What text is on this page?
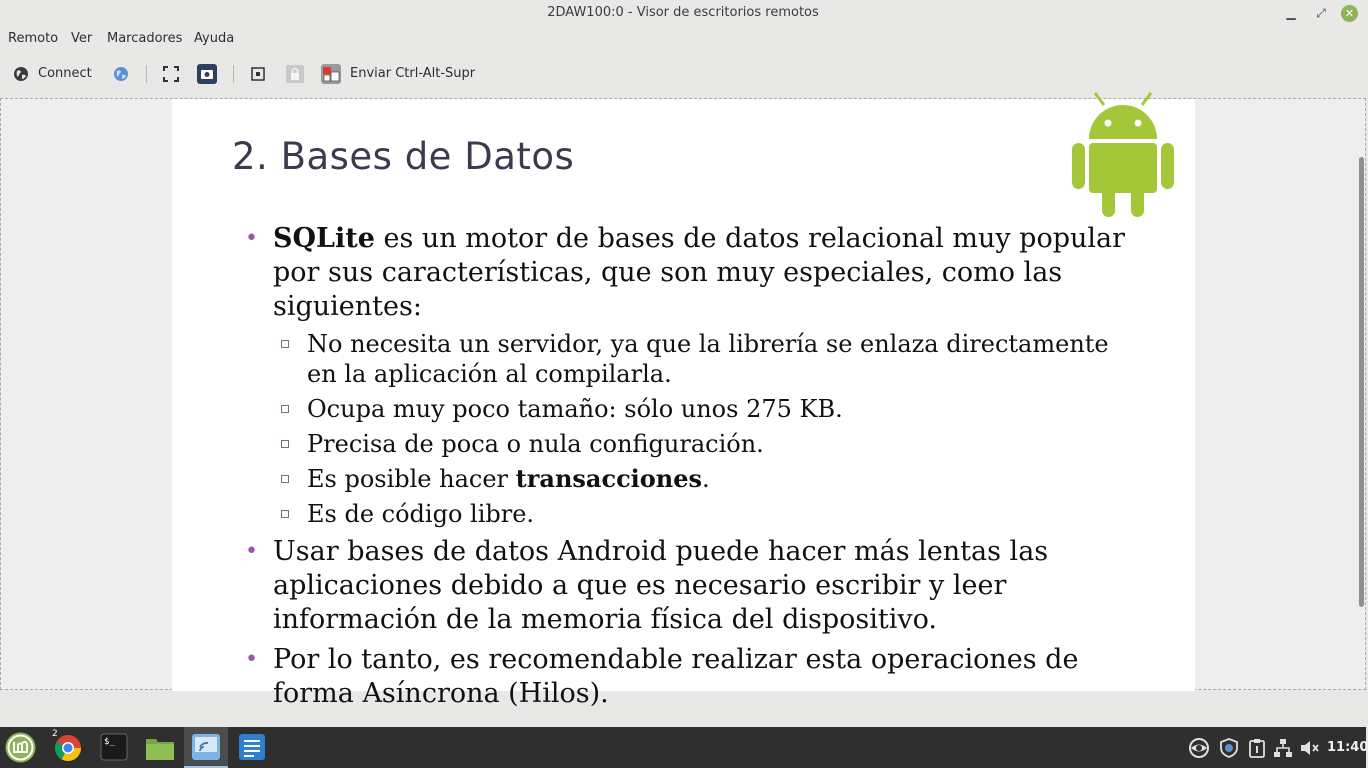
2DAW100:0 - Visor de escritorios remotos	▁	⤢	✕
Remoto Ver Marcadores Ayuda
Connect	Enviar Ctrl-Alt-Supr
2. Bases de Datos
• SQLite es un motor de bases de datos relacional muy popular por sus características, que son muy especiales, como las siguientes:
No necesita un servidor, ya que la librería se enlaza directamente en la aplicación al compilarla.
Ocupa muy poco tamaño: sólo unos 275 KB.
Precisa de poca o nula configuración.
Es posible hacer transacciones.
Es de código libre.
• Usar bases de datos Android puede hacer más lentas las aplicaciones debido a que es necesario escribir y leer información de la memoria física del dispositivo.
• Por lo tanto, es recomendable realizar esta operaciones de forma Asíncrona (Hilos).
2
$_	11:40
